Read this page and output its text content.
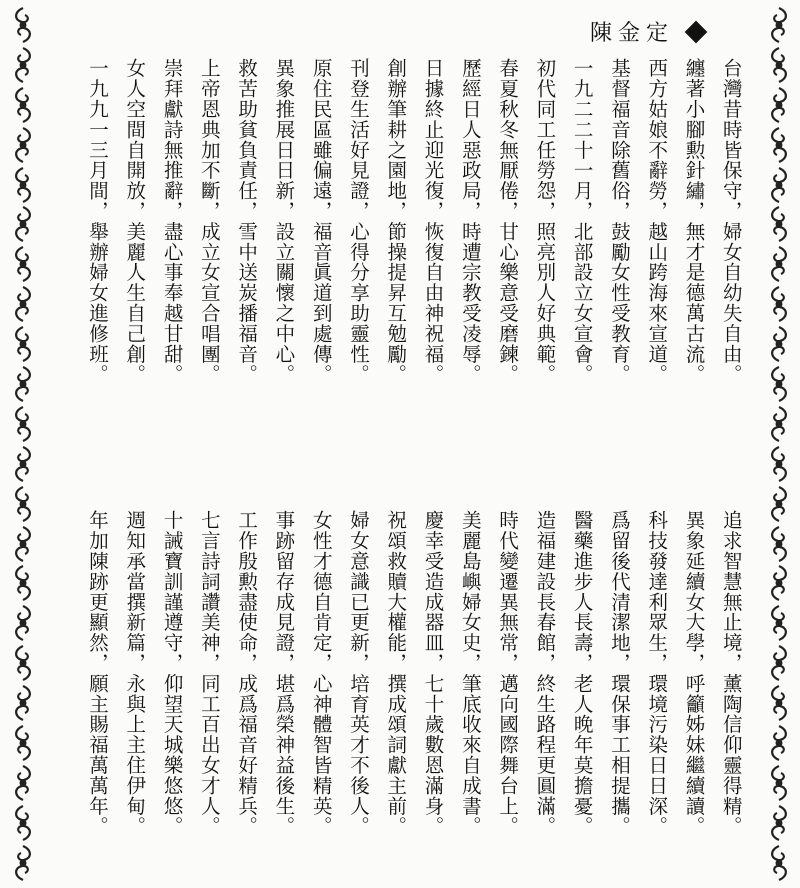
陳金定
台灣昔時皆保守，婦女自幼失自由。
纏著小腳勲針繡，無才是德萬古流。
西方姑娘不辭勞，越山跨海來宣道。
基督福音除舊俗，鼓勵女性受教育。
一九二二十一月，北部設立女宣會。
初代同工任勞怨，照亮別人好典範。
春夏秋冬無厭倦，甘心樂意受磨鍊。
歷經日人惡政局，時遭宗教受凌辱。
日據終止迎光復，恢復自由神祝福。
創辦筆耕之園地，節操提昇互勉勵。
刊登生活好見證，心得分享助靈性。
原住民區雖偏遠，福音眞道到處傳。
異象推展日日新，設立關懷之中心。
救苦助貧負責任，雪中送炭播福音。
上帝恩典加不斷，成立女宣合唱團。
崇拜獻詩無推辭，盡心事奉越甘甜。
女人空間自開放，美麗人生自己創。
一九九一三月間，舉辦婦女進修班。
追求智慧無止境，薰陶信仰靈得精。
異象延續女大學，呼籲姊妹繼續讀。
科技發達利眾生，環境污染日日深。
爲留後代清潔地，環保事工相提攜。
醫藥進步人長壽，老人晚年莫擔憂。
造福建設長春館，終生路程更圓滿。
時代變遷異無常，邁向國際舞台上。
美麗島嶼婦女史，筆底收來自成書。
慶幸受造成器皿，七十歲數恩滿身。
祝頌救贖大權能，撰成頌詞獻主前。
婦女意識已更新，培育英才不後人。
女性才德自肯定，心神體智皆精英。
事跡留存成見證，堪爲榮神益後生。
工作殷勲盡使命，成爲福音好精兵。
七言詩詞讚美神，同工百出女才人。
十誡寶訓謹遵守，仰望天城樂悠悠。
週知承當撰新篇，永與上主住伊甸。
年加陳跡更顯然，願主賜福萬萬年。
